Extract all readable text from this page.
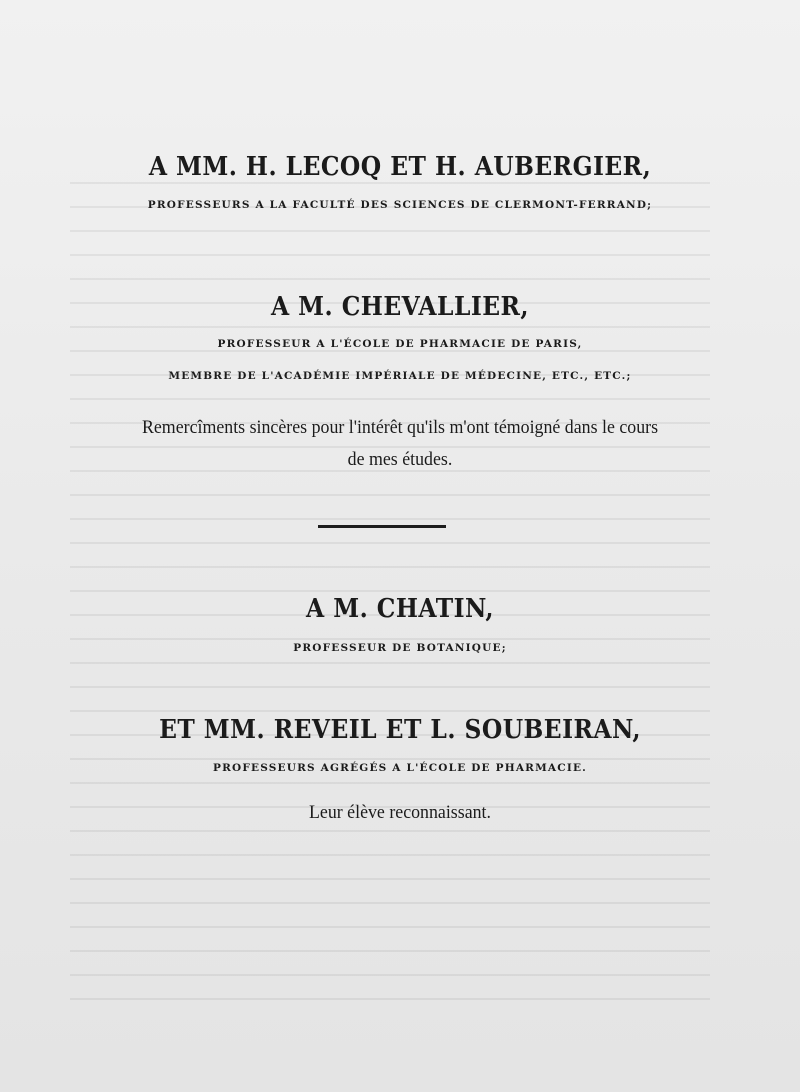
A MM. H. LECOQ ET H. AUBERGIER,
PROFESSEURS A LA FACULTÉ DES SCIENCES DE CLERMONT-FERRAND;
A M. CHEVALLIER,
PROFESSEUR A L'ÉCOLE DE PHARMACIE DE PARIS,
MEMBRE DE L'ACADÉMIE IMPÉRIALE DE MÉDECINE, ETC., ETC.;
Remercîments sincères pour l'intérêt qu'ils m'ont témoigné dans le cours
de mes études.
A M. CHATIN,
PROFESSEUR DE BOTANIQUE;
ET MM. REVEIL ET L. SOUBEIRAN,
PROFESSEURS AGRÉGÉS A L'ÉCOLE DE PHARMACIE.
Leur élève reconnaissant.
